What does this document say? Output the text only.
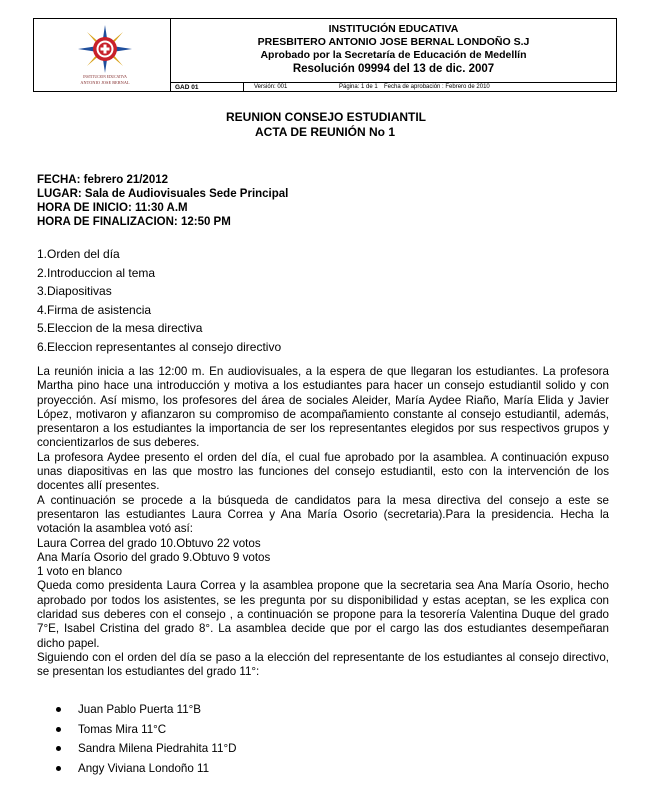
INSTITUCION EDUCATIVA
ANTONIO JOSE BERNAL
INSTITUCIÓN EDUCATIVA
PRESBITERO ANTONIO JOSE BERNAL LONDOÑO S.J
Aprobado por la Secretaría de Educación de Medellín
Resolución 09994 del 13 de dic. 2007
GAD 01	Versión: 001	Página: 1 de 1 Fecha de aprobación : Febrero de 2010
REUNION CONSEJO ESTUDIANTIL
ACTA DE REUNIÓN No 1
FECHA: febrero 21/2012
LUGAR: Sala de Audiovisuales Sede Principal
HORA DE INICIO: 11:30 A.M
HORA DE FINALIZACION: 12:50 PM
1.Orden del día
2.Introduccion al tema
3.Diapositivas
4.Firma de asistencia
5.Eleccion de la mesa directiva
6.Eleccion representantes al consejo directivo

La reunión inicia a las 12:00 m. En audiovisuales, a la espera de que llegaran los estudiantes. La profesora Martha pino hace una introducción y motiva a los estudiantes para hacer un consejo estudiantil solido y con proyección. Así mismo, los profesores del área de sociales Aleider, María Aydee Riaño, María Elida y Javier López, motivaron y afianzaron su compromiso de acompañamiento constante al consejo estudiantil, además, presentaron a los estudiantes la importancia de ser los representantes elegidos por sus respectivos grupos y concientizarlos de sus deberes.

La profesora Aydee presento el orden del día, el cual fue aprobado por la asamblea. A continuación expuso unas diapositivas en las que mostro las funciones del consejo estudiantil, esto con la intervención de los docentes allí presentes.

A continuación se procede a la búsqueda de candidatos para la mesa directiva del consejo a este se presentaron las estudiantes Laura Correa y Ana María Osorio (secretaria).Para la presidencia. Hecha la votación la asamblea votó así:

Laura Correa del grado 10.Obtuvo 22 votos

Ana María Osorio del grado 9.Obtuvo 9 votos

1 voto en blanco

Queda como presidenta Laura Correa y la asamblea propone que la secretaria sea Ana María Osorio, hecho aprobado por todos los asistentes, se les pregunta por su disponibilidad y estas aceptan, se les explica con claridad sus deberes con el consejo , a continuación se propone para la tesorería Valentina Duque del grado 7°E, Isabel Cristina del grado 8°. La asamblea decide que por el cargo las dos estudiantes desempeñaran dicho papel.

Siguiendo con el orden del día se paso a la elección del representante de los estudiantes al consejo directivo, se presentan los estudiantes del grado 11°:

Juan Pablo Puerta 11°B
Tomas Mira 11°C
Sandra Milena Piedrahita 11°D
Angy Viviana Londoño 11
